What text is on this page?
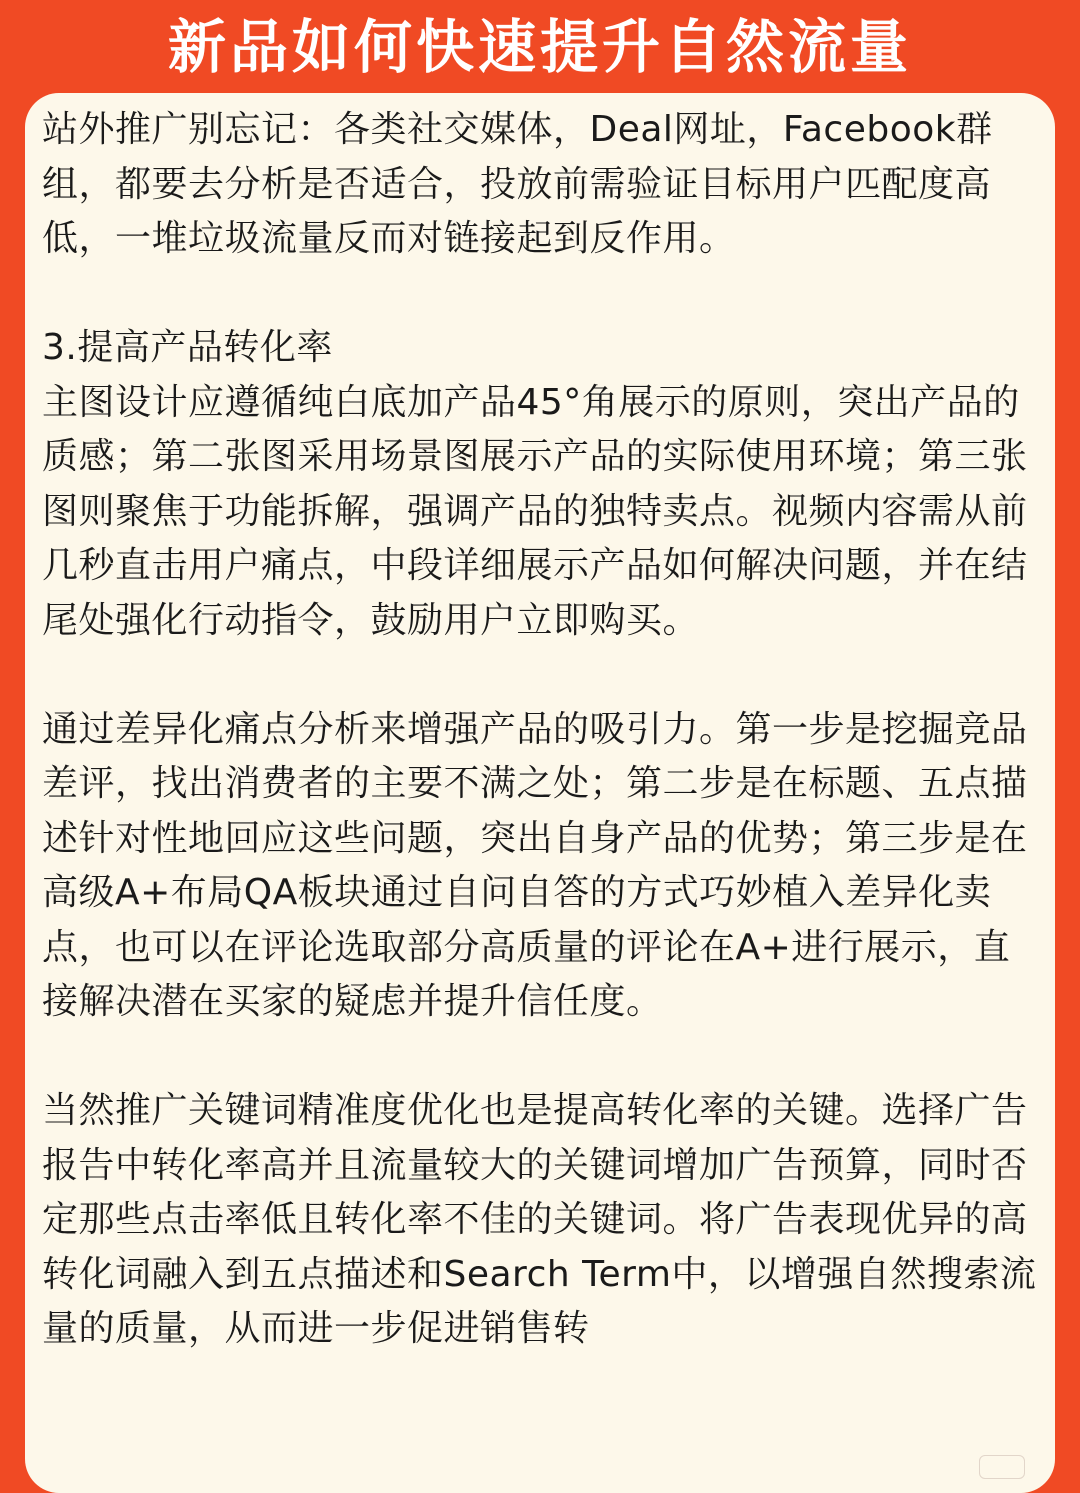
新品如何快速提升自然流量

站外推广别忘记：各类社交媒体，Deal网址，Facebook群组，都要去分析是否适合，投放前需验证目标用户匹配度高低，一堆垃圾流量反而对链接起到反作用。

3.提高产品转化率

主图设计应遵循纯白底加产品45°角展示的原则，突出产品的质感；第二张图采用场景图展示产品的实际使用环境；第三张图则聚焦于功能拆解，强调产品的独特卖点。视频内容需从前几秒直击用户痛点，中段详细展示产品如何解决问题，并在结尾处强化行动指令，鼓励用户立即购买。

通过差异化痛点分析来增强产品的吸引力。第一步是挖掘竞品差评，找出消费者的主要不满之处；第二步是在标题、五点描述针对性地回应这些问题，突出自身产品的优势；第三步是在高级A+布局QA板块通过自问自答的方式巧妙植入差异化卖点，也可以在评论选取部分高质量的评论在A+进行展示，直接解决潜在买家的疑虑并提升信任度。

当然推广关键词精准度优化也是提高转化率的关键。选择广告报告中转化率高并且流量较大的关键词增加广告预算，同时否定那些点击率低且转化率不佳的关键词。将广告表现优异的高转化词融入到五点描述和Search Term中，以增强自然搜索流量的质量，从而进一步促进销售转
